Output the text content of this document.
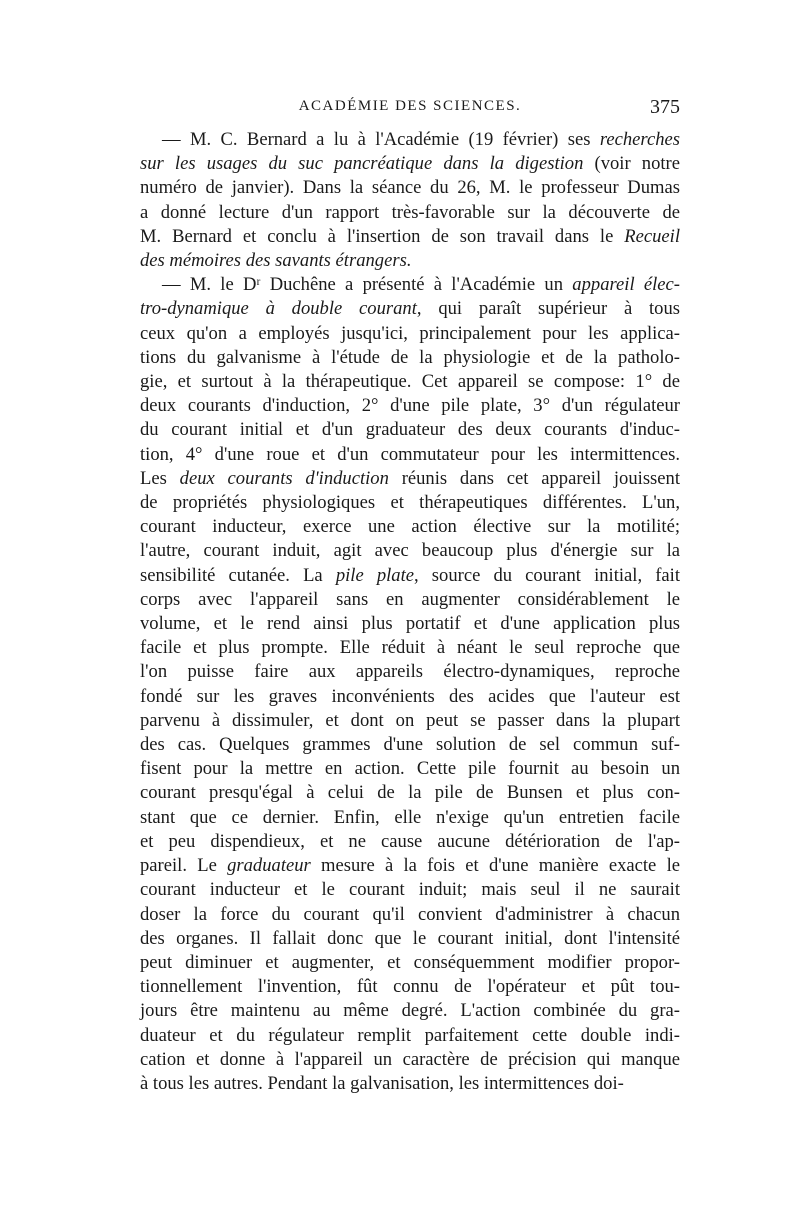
ACADÉMIE DES SCIENCES.	375

— M. C. Bernard a lu à l'Académie (19 février) ses recherches
sur les usages du suc pancréatique dans la digestion (voir notre
numéro de janvier). Dans la séance du 26, M. le professeur Dumas
a donné lecture d'un rapport très-favorable sur la découverte de
M. Bernard et conclu à l'insertion de son travail dans le Recueil
des mémoires des savants étrangers.

— M. le Dʳ Duchêne a présenté à l'Académie un appareil élec-
tro-dynamique à double courant, qui paraît supérieur à tous
ceux qu'on a employés jusqu'ici, principalement pour les applica-
tions du galvanisme à l'étude de la physiologie et de la patholo-
gie, et surtout à la thérapeutique. Cet appareil se compose: 1° de
deux courants d'induction, 2° d'une pile plate, 3° d'un régulateur
du courant initial et d'un graduateur des deux courants d'induc-
tion, 4° d'une roue et d'un commutateur pour les intermittences.
Les deux courants d'induction réunis dans cet appareil jouissent
de propriétés physiologiques et thérapeutiques différentes. L'un,
courant inducteur, exerce une action élective sur la motilité;
l'autre, courant induit, agit avec beaucoup plus d'énergie sur la
sensibilité cutanée. La pile plate, source du courant initial, fait
corps avec l'appareil sans en augmenter considérablement le
volume, et le rend ainsi plus portatif et d'une application plus
facile et plus prompte. Elle réduit à néant le seul reproche que
l'on puisse faire aux appareils électro-dynamiques, reproche
fondé sur les graves inconvénients des acides que l'auteur est
parvenu à dissimuler, et dont on peut se passer dans la plupart
des cas. Quelques grammes d'une solution de sel commun suf-
fisent pour la mettre en action. Cette pile fournit au besoin un
courant presqu'égal à celui de la pile de Bunsen et plus con-
stant que ce dernier. Enfin, elle n'exige qu'un entretien facile
et peu dispendieux, et ne cause aucune détérioration de l'ap-
pareil. Le graduateur mesure à la fois et d'une manière exacte le
courant inducteur et le courant induit; mais seul il ne saurait
doser la force du courant qu'il convient d'administrer à chacun
des organes. Il fallait donc que le courant initial, dont l'intensité
peut diminuer et augmenter, et conséquemment modifier propor-
tionnellement l'invention, fût connu de l'opérateur et pût tou-
jours être maintenu au même degré. L'action combinée du gra-
duateur et du régulateur remplit parfaitement cette double indi-
cation et donne à l'appareil un caractère de précision qui manque
à tous les autres. Pendant la galvanisation, les intermittences doi-
